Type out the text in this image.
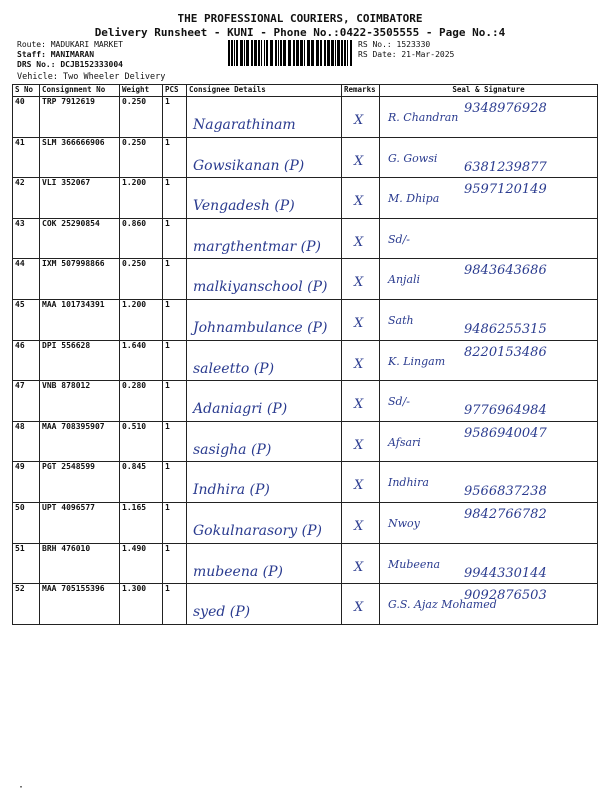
THE PROFESSIONAL COURIERS, COIMBATORE
Delivery Runsheet - KUNI - Phone No.:0422-3505555 - Page No.:4
Route: MADUKARI MARKET
Staff: MANIMARAN
DRS No.: DCJB152333004
RS No.: 1523330
RS Date: 21-Mar-2025
Vehicle: Two Wheeler Delivery
S No	Consignment No	Weight	PCS	Consignee Details	Remarks	Seal & Signature
40	TRP 7912619	0.250	1	Nagarathinam	X	R. Chandran
9348976928

41	SLM 366666906	0.250	1	Gowsikanan (P)	X	G. Gowsi
6381239877

42	VLI 352067	1.200	1	Vengadesh (P)	X	M. Dhipa
9597120149

43	COK 25290854	0.860	1	margthentmar (P)	X	Sd/-

44	IXM 507998866	0.250	1	malkiyanschool (P)	X	Anjali
9843643686

45	MAA 101734391	1.200	1	Johnambulance (P)	X	Sath
9486255315

46	DPI 556628	1.640	1	saleetto (P)	X	K. Lingam
8220153486

47	VNB 878012	0.280	1	Adaniagri (P)	X	Sd/-
9776964984

48	MAA 708395907	0.510	1	sasigha (P)	X	Afsari
9586940047

49	PGT 2548599	0.845	1	Indhira (P)	X	Indhira
9566837238

50	UPT 4096577	1.165	1	Gokulnarasory (P)	X	Nwoy
9842766782

51	BRH 476010	1.490	1	mubeena (P)	X	Mubeena
9944330144

52	MAA 705155396	1.300	1	syed (P)	X	G.S. Ajaz Mohamed
9092876503
·
